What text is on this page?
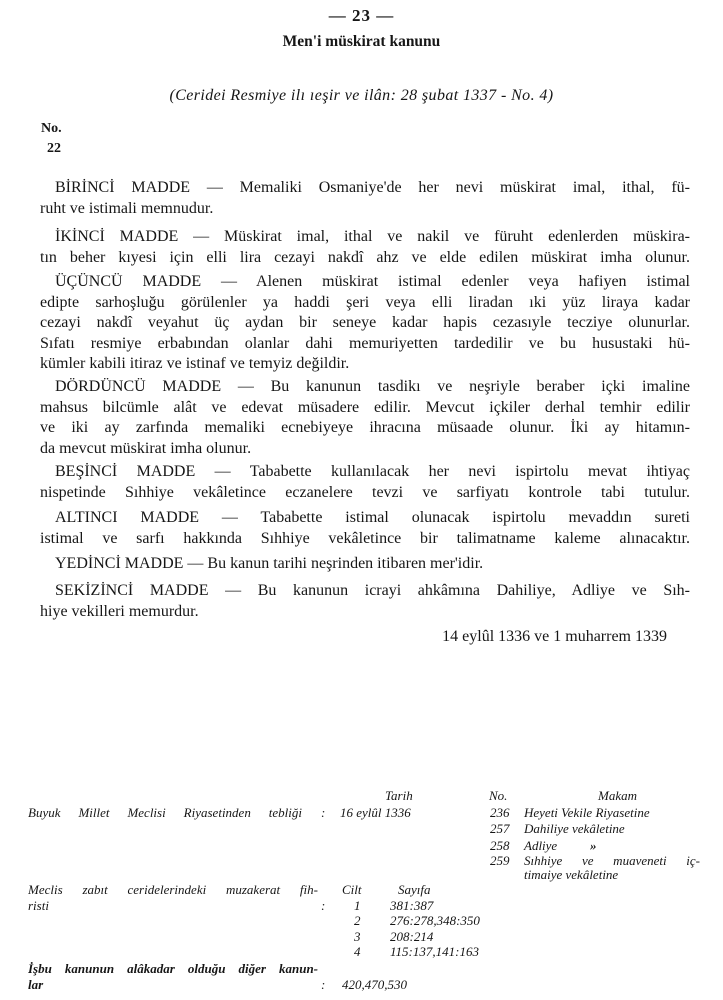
— 23 —
Men'i müskirat kanunu
(Ceridei Resmiye ilı ıeşir ve ilân: 28 şubat 1337 - No. 4)
No.
22
BİRİNCİ MADDE — Memaliki Osmaniye'de her nevi müskirat imal, ithal, fü-
ruht ve istimali memnudur.
İKİNCİ MADDE — Müskirat imal, ithal ve nakil ve füruht edenlerden müskira-
tın beher kıyesi için elli lira cezayi nakdî ahz ve elde edilen müskirat imha olunur.
ÜÇÜNCÜ MADDE — Alenen müskirat istimal edenler veya hafiyen istimal
edipte sarhoşluğu görülenler ya haddi şeri veya elli liradan ıki yüz liraya kadar
cezayi nakdî veyahut üç aydan bir seneye kadar hapis cezasıyle tecziye olunurlar.
Sıfatı resmiye erbabından olanlar dahi memuriyetten tardedilir ve bu husustaki hü-
kümler kabili itiraz ve istinaf ve temyiz değildir.
DÖRDÜNCÜ MADDE — Bu kanunun tasdikı ve neşriyle beraber içki imaline
mahsus bilcümle alât ve edevat müsadere edilir. Mevcut içkiler derhal temhir edilir
ve iki ay zarfında memaliki ecnebiyeye ihracına müsaade olunur. İki ay hitamın-
da mevcut müskirat imha olunur.
BEŞİNCİ MADDE — Tababette kullanılacak her nevi ispirtolu mevat ihtiyaç
nispetinde Sıhhiye vekâletince eczanelere tevzi ve sarfiyatı kontrole tabi tutulur.
ALTINCI MADDE — Tababette istimal olunacak ispirtolu mevaddın sureti
istimal ve sarfı hakkında Sıhhiye vekâletince bir talimatname kaleme alınacaktır.
YEDİNCİ MADDE — Bu kanun tarihi neşrinden itibaren mer'idir.
SEKİZİNCİ MADDE — Bu kanunun icrayi ahkâmına Dahiliye, Adliye ve Sıh-
hiye vekilleri memurdur.
14 eylûl 1336 ve 1 muharrem 1339
Tarih	No.	Makam
Buyuk Millet Meclisi Riyasetinden tebliği : 16 eylûl 1336	236	Heyeti Vekile Riyasetine
257	Dahiliye vekâletine
258	Adliye	»
259	Sıhhiye ve muaveneti iç-
timaiye vekâletine
Meclis zabıt ceridelerindeki muzakerat fih-
risti	:
Cilt	Sayıfa
1 381:387
2 276:278,348:350
3 208:214
4 115:137,141:163
İşbu kanunun alâkadar olduğu diğer kanun-
lar	: 420,470,530
